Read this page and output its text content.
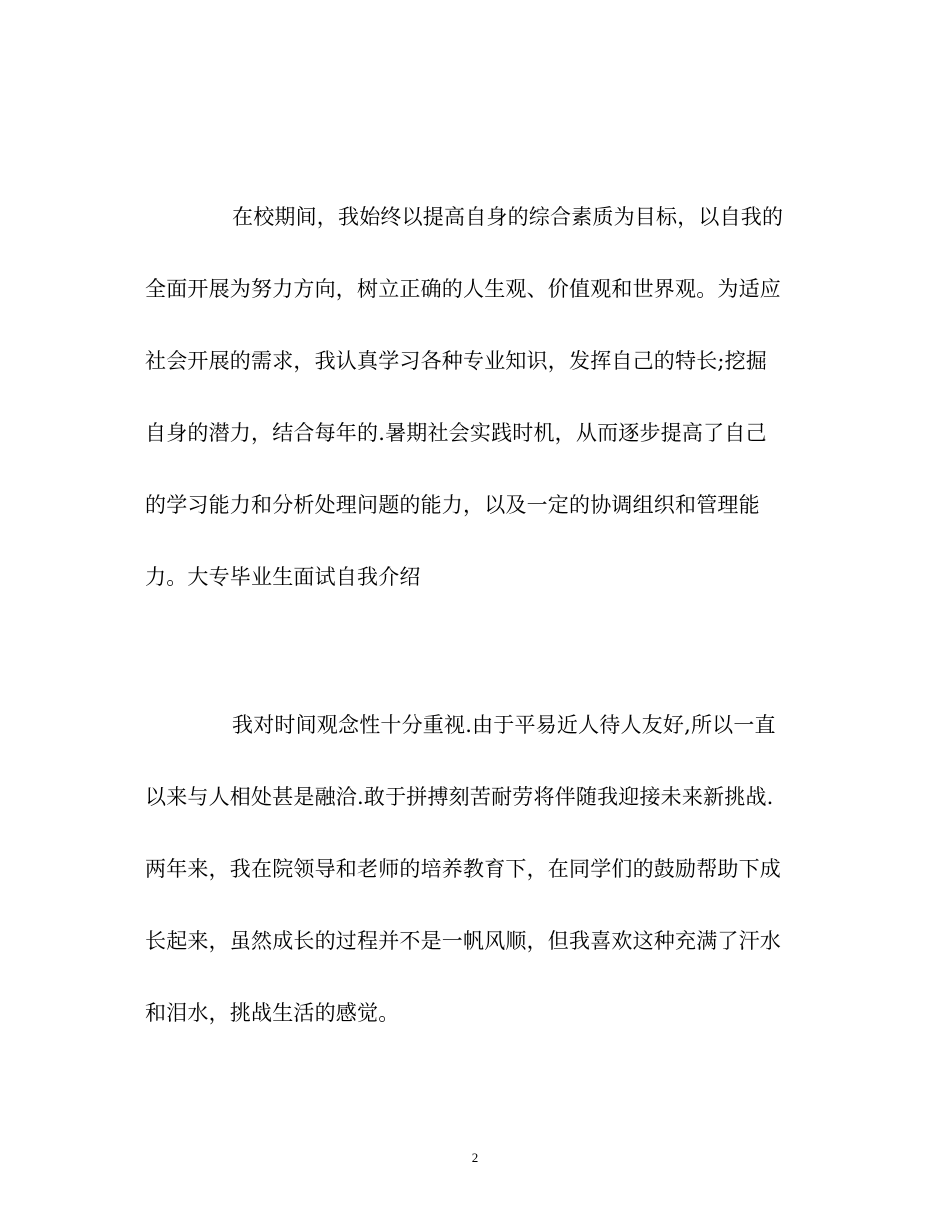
在校期间，我始终以提高自身的综合素质为目标，以自我的
全面开展为努力方向，树立正确的人生观、价值观和世界观。为适应
社会开展的需求，我认真学习各种专业知识，发挥自己的特长;挖掘
自身的潜力，结合每年的.暑期社会实践时机，从而逐步提高了自己
的学习能力和分析处理问题的能力，以及一定的协调组织和管理能
力。大专毕业生面试自我介绍
我对时间观念性十分重视.由于平易近人待人友好,所以一直
以来与人相处甚是融洽.敢于拼搏刻苦耐劳将伴随我迎接未来新挑战.
两年来，我在院领导和老师的培养教育下，在同学们的鼓励帮助下成
长起来，虽然成长的过程并不是一帆风顺，但我喜欢这种充满了汗水
和泪水，挑战生活的感觉。
2
